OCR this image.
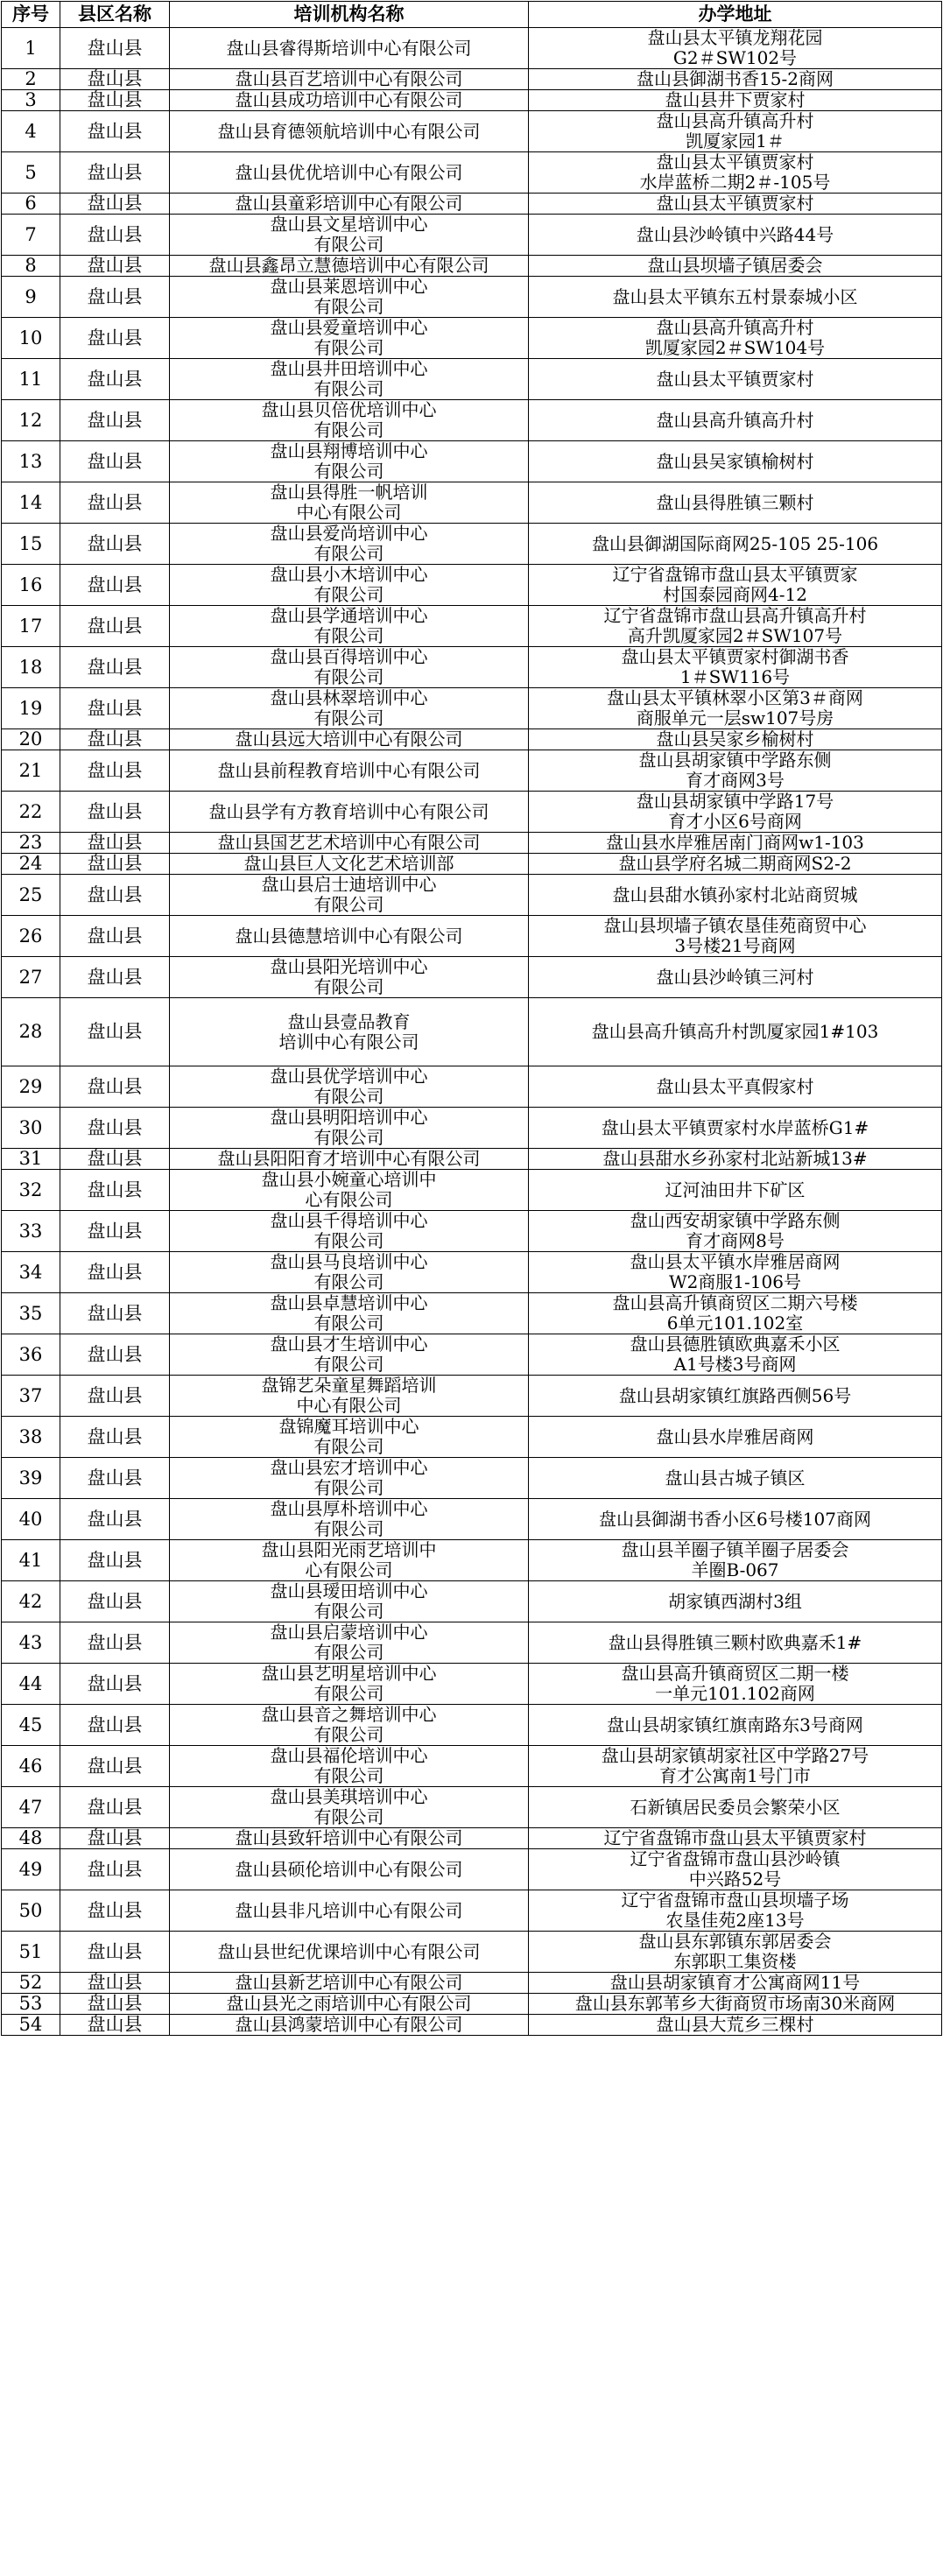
序号	县区名称	培训机构名称	办学地址
1	盘山县	盘山县睿得斯培训中心有限公司	盘山县太平镇龙翔花园
G2＃SW102号
2	盘山县	盘山县百艺培训中心有限公司	盘山县御湖书香15-2商网
3	盘山县	盘山县成功培训中心有限公司	盘山县井下贾家村
4	盘山县	盘山县育德领航培训中心有限公司	盘山县高升镇高升村
凯厦家园1＃
5	盘山县	盘山县优优培训中心有限公司	盘山县太平镇贾家村
水岸蓝桥二期2＃-105号
6	盘山县	盘山县童彩培训中心有限公司	盘山县太平镇贾家村
7	盘山县	盘山县文星培训中心
有限公司	盘山县沙岭镇中兴路44号
8	盘山县	盘山县鑫昂立慧德培训中心有限公司	盘山县坝墙子镇居委会
9	盘山县	盘山县莱恩培训中心
有限公司	盘山县太平镇东五村景泰城小区
10	盘山县	盘山县爱童培训中心
有限公司	盘山县高升镇高升村
凯厦家园2＃SW104号
11	盘山县	盘山县井田培训中心
有限公司	盘山县太平镇贾家村
12	盘山县	盘山县贝倍优培训中心
有限公司	盘山县高升镇高升村
13	盘山县	盘山县翔博培训中心
有限公司	盘山县吴家镇榆树村
14	盘山县	盘山县得胜一帆培训
中心有限公司	盘山县得胜镇三颗村
15	盘山县	盘山县爱尚培训中心
有限公司	盘山县御湖国际商网25-105 25-106
16	盘山县	盘山县小木培训中心
有限公司	辽宁省盘锦市盘山县太平镇贾家
村国泰园商网4-12
17	盘山县	盘山县学通培训中心
有限公司	辽宁省盘锦市盘山县高升镇高升村
高升凯厦家园2＃SW107号
18	盘山县	盘山县百得培训中心
有限公司	盘山县太平镇贾家村御湖书香
1＃SW116号
19	盘山县	盘山县林翠培训中心
有限公司	盘山县太平镇林翠小区第3＃商网
商服单元一层sw107号房
20	盘山县	盘山县远大培训中心有限公司	盘山县吴家乡榆树村
21	盘山县	盘山县前程教育培训中心有限公司	盘山县胡家镇中学路东侧
育才商网3号
22	盘山县	盘山县学有方教育培训中心有限公司	盘山县胡家镇中学路17号
育才小区6号商网
23	盘山县	盘山县国艺艺术培训中心有限公司	盘山县水岸雅居南门商网w1-103
24	盘山县	盘山县巨人文化艺术培训部	盘山县学府名城二期商网S2-2
25	盘山县	盘山县启士迪培训中心
有限公司	盘山县甜水镇孙家村北站商贸城
26	盘山县	盘山县德慧培训中心有限公司	盘山县坝墙子镇农垦佳苑商贸中心
3号楼21号商网
27	盘山县	盘山县阳光培训中心
有限公司	盘山县沙岭镇三河村
28	盘山县	盘山县壹品教育
培训中心有限公司	盘山县高升镇高升村凯厦家园1#103
29	盘山县	盘山县优学培训中心
有限公司	盘山县太平真假家村
30	盘山县	盘山县明阳培训中心
有限公司	盘山县太平镇贾家村水岸蓝桥G1#
31	盘山县	盘山县阳阳育才培训中心有限公司	盘山县甜水乡孙家村北站新城13#
32	盘山县	盘山县小婉童心培训中
心有限公司	辽河油田井下矿区
33	盘山县	盘山县千得培训中心
有限公司	盘山西安胡家镇中学路东侧
育才商网8号
34	盘山县	盘山县马良培训中心
有限公司	盘山县太平镇水岸雅居商网
W2商服1-106号
35	盘山县	盘山县卓慧培训中心
有限公司	盘山县高升镇商贸区二期六号楼
6单元101.102室
36	盘山县	盘山县才生培训中心
有限公司	盘山县德胜镇欧典嘉禾小区
A1号楼3号商网
37	盘山县	盘锦艺朵童星舞蹈培训
中心有限公司	盘山县胡家镇红旗路西侧56号
38	盘山县	盘锦魔耳培训中心
有限公司	盘山县水岸雅居商网
39	盘山县	盘山县宏才培训中心
有限公司	盘山县古城子镇区
40	盘山县	盘山县厚朴培训中心
有限公司	盘山县御湖书香小区6号楼107商网
41	盘山县	盘山县阳光雨艺培训中
心有限公司	盘山县羊圈子镇羊圈子居委会
羊圈B-067
42	盘山县	盘山县瑷田培训中心
有限公司	胡家镇西湖村3组
43	盘山县	盘山县启蒙培训中心
有限公司	盘山县得胜镇三颗村欧典嘉禾1#
44	盘山县	盘山县艺明星培训中心
有限公司	盘山县高升镇商贸区二期一楼
一单元101.102商网
45	盘山县	盘山县音之舞培训中心
有限公司	盘山县胡家镇红旗南路东3号商网
46	盘山县	盘山县福伦培训中心
有限公司	盘山县胡家镇胡家社区中学路27号
育才公寓南1号门市
47	盘山县	盘山县美琪培训中心
有限公司	石新镇居民委员会繁荣小区
48	盘山县	盘山县致轩培训中心有限公司	辽宁省盘锦市盘山县太平镇贾家村
49	盘山县	盘山县硕伦培训中心有限公司	辽宁省盘锦市盘山县沙岭镇
中兴路52号
50	盘山县	盘山县非凡培训中心有限公司	辽宁省盘锦市盘山县坝墙子场
农垦佳苑2座13号
51	盘山县	盘山县世纪优课培训中心有限公司	盘山县东郭镇东郭居委会
东郭职工集资楼
52	盘山县	盘山县新艺培训中心有限公司	盘山县胡家镇育才公寓商网11号
53	盘山县	盘山县光之雨培训中心有限公司	盘山县东郭苇乡大街商贸市场南30米商网
54	盘山县	盘山县鸿蒙培训中心有限公司	盘山县大荒乡三棵村
